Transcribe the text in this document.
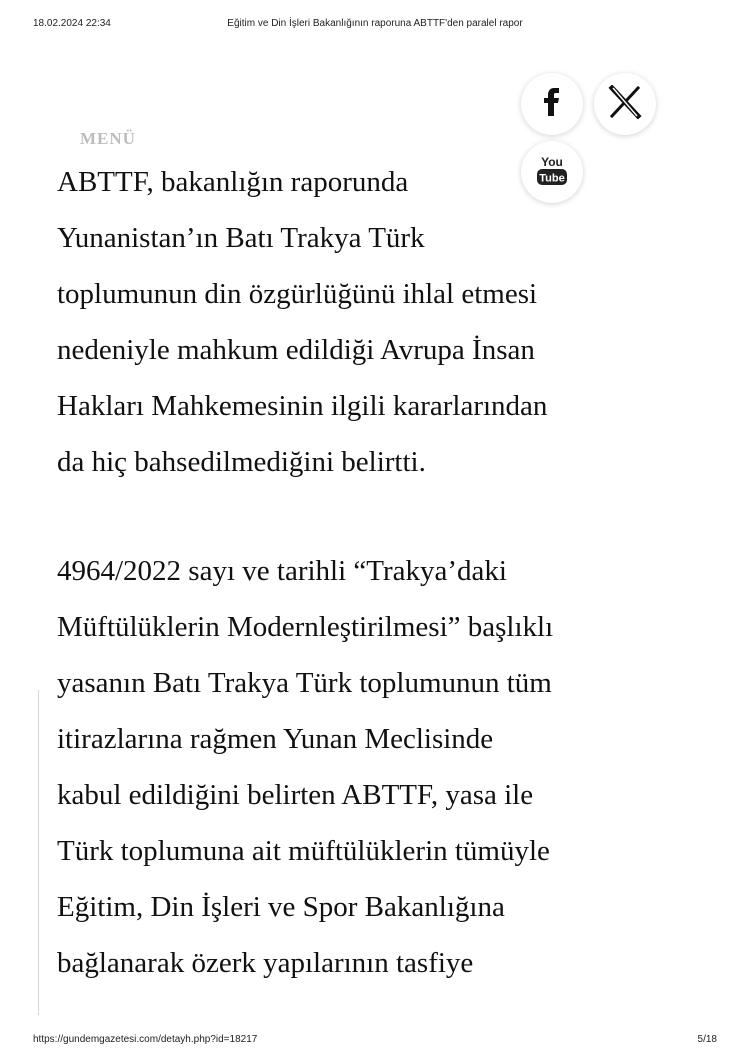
18.02.2024 22:34	Eğitim ve Din İşleri Bakanlığının raporuna ABTTF'den paralel rapor

ABTTF, bakanlığın raporunda
Yunanistan’ın Batı Trakya Türk
toplumunun din özgürlüğünü ihlal etmesi
nedeniyle mahkum edildiği Avrupa İnsan
Hakları Mahkemesinin ilgili kararlarından
da hiç bahsedilmediğini belirtti.

4964/2022 sayı ve tarihli “Trakya’daki
Müftülüklerin Modernleştirilmesi” başlıklı
yasanın Batı Trakya Türk toplumunun tüm
itirazlarına rağmen Yunan Meclisinde
kabul edildiğini belirten ABTTF, yasa ile
Türk toplumuna ait müftülüklerin tümüyle
Eğitim, Din İşleri ve Spor Bakanlığına
bağlanarak özerk yapılarının tasfiye

MENÜ
You
Tube
https://gundemgazetesi.com/detayh.php?id=18217	5/18
